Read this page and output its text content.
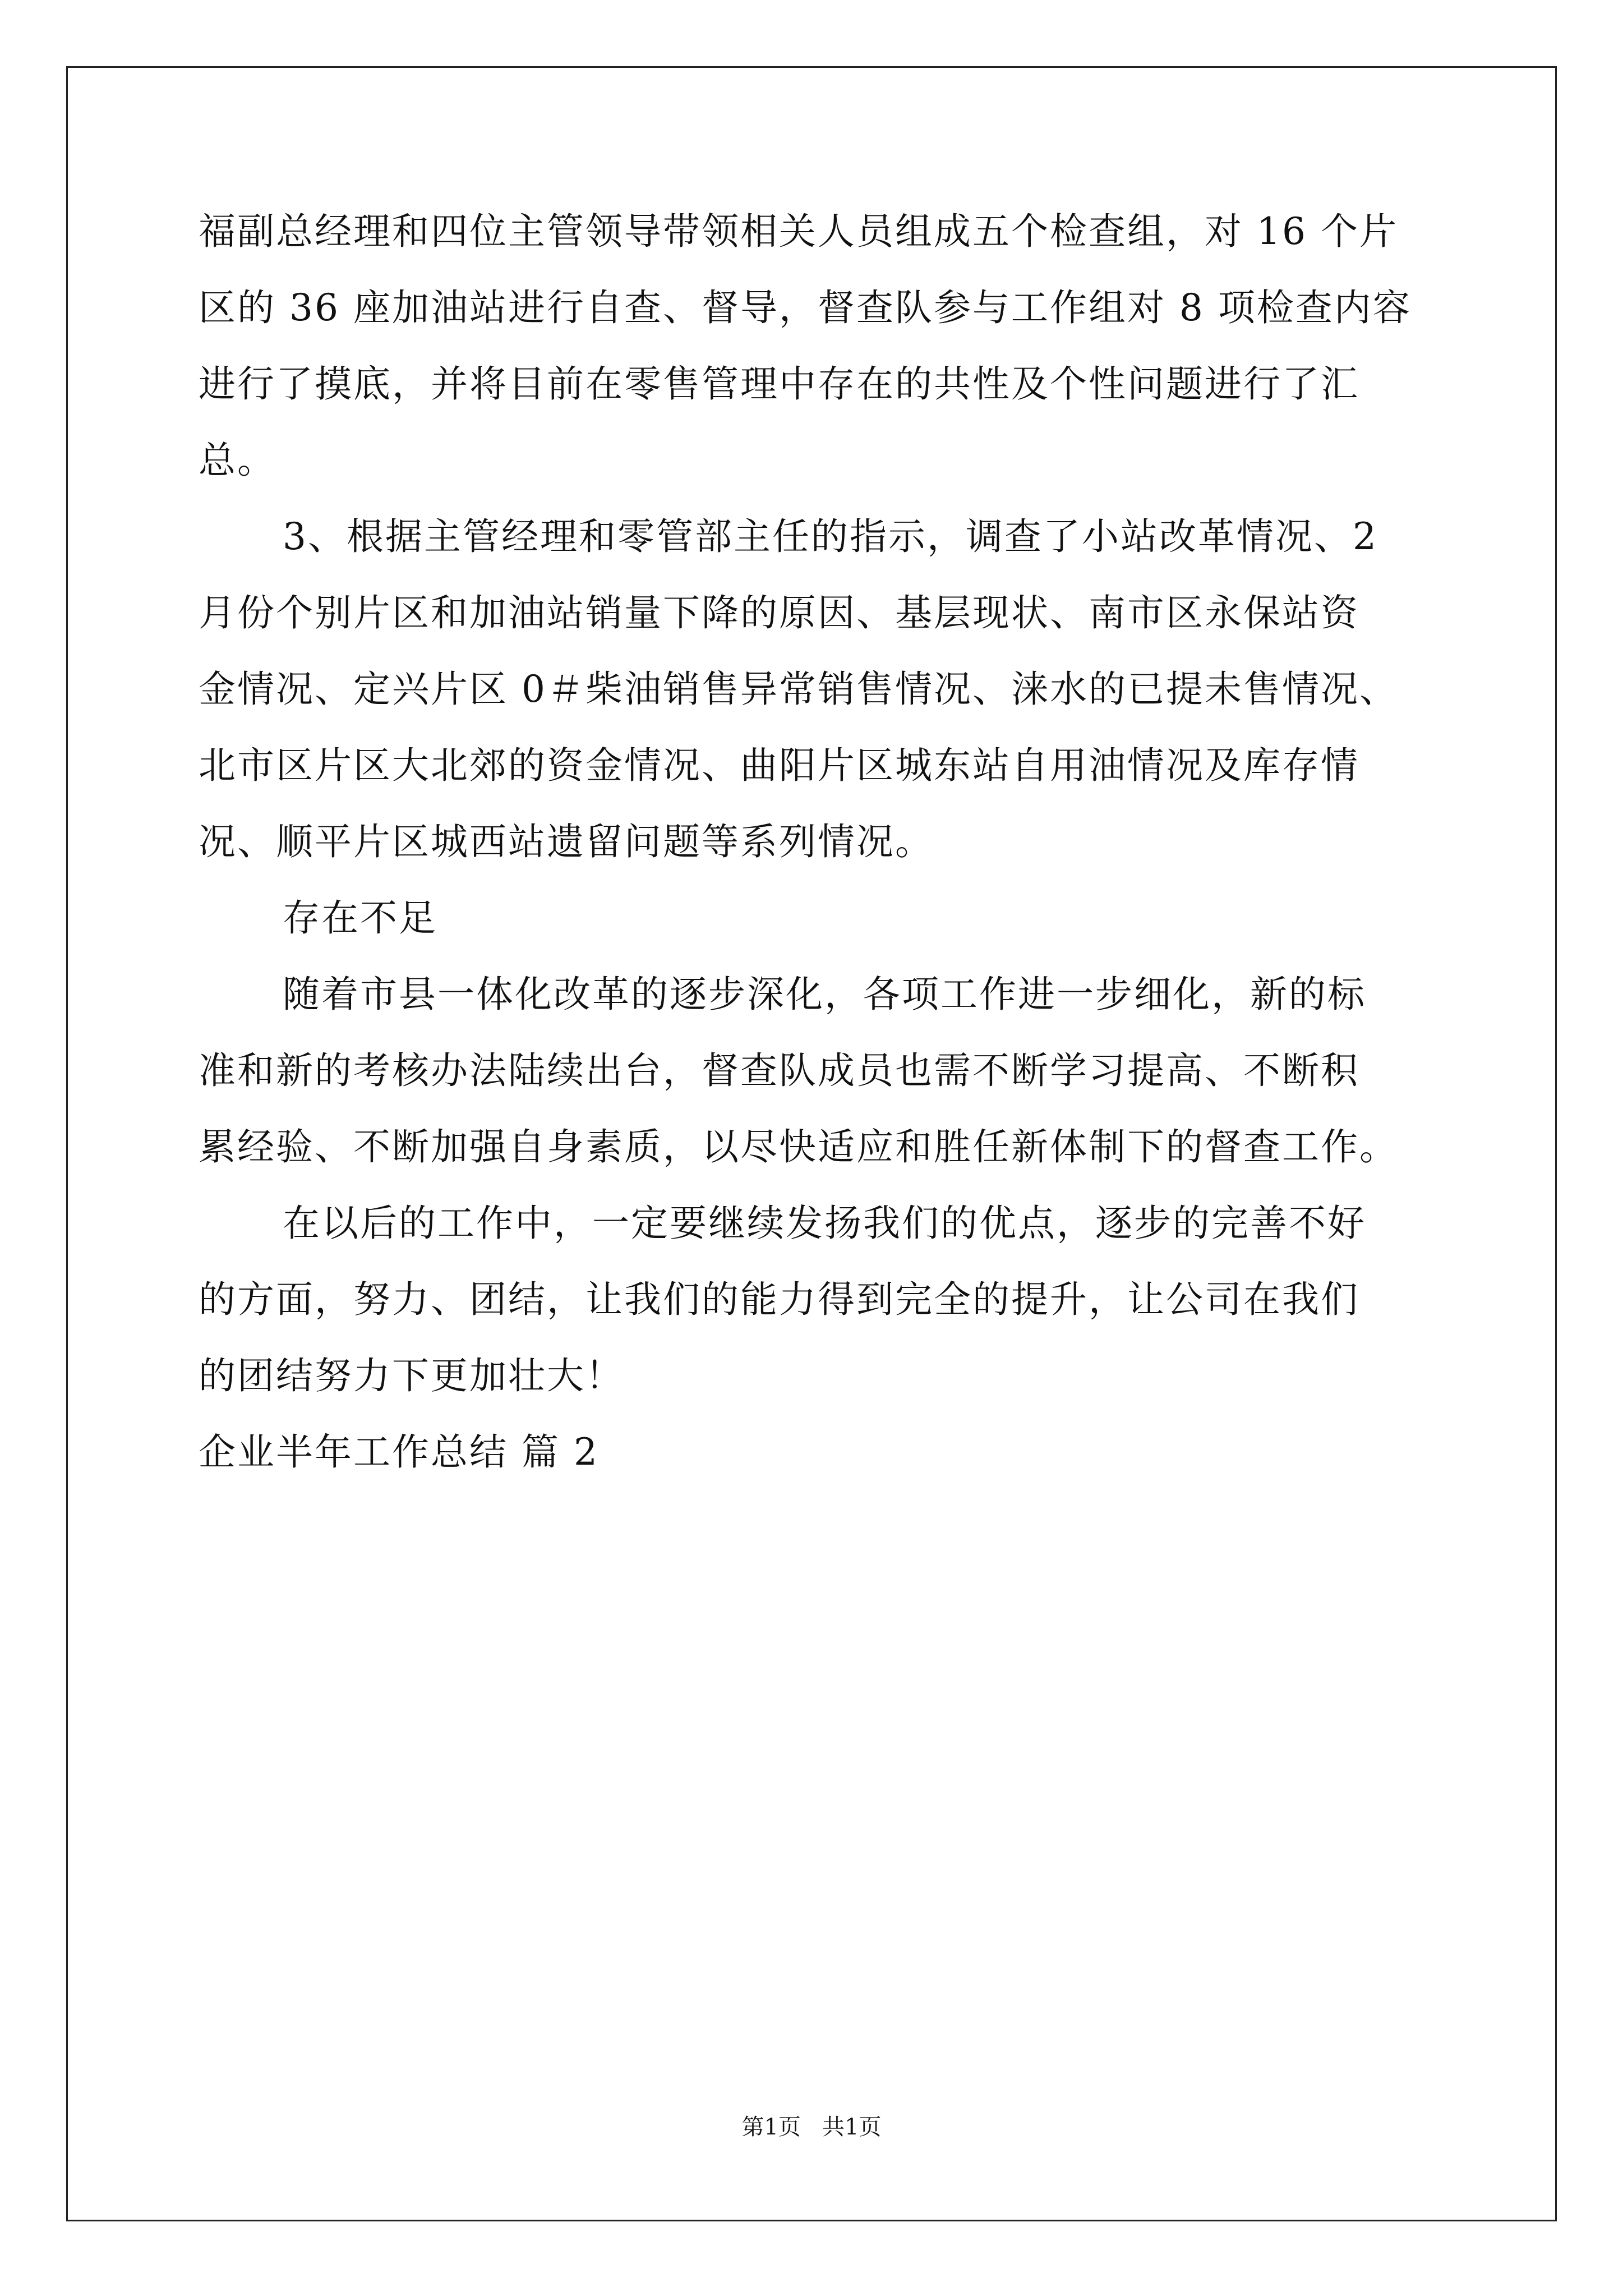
福副总经理和四位主管领导带领相关人员组成五个检查组，对 16 个片
区的 36 座加油站进行自查、督导，督查队参与工作组对 8 项检查内容
进行了摸底，并将目前在零售管理中存在的共性及个性问题进行了汇
总。
3、根据主管经理和零管部主任的指示，调查了小站改革情况、2
月份个别片区和加油站销量下降的原因、基层现状、南市区永保站资
金情况、定兴片区 0＃柴油销售异常销售情况、涞水的已提未售情况、
北市区片区大北郊的资金情况、曲阳片区城东站自用油情况及库存情
况、顺平片区城西站遗留问题等系列情况。
存在不足
随着市县一体化改革的逐步深化，各项工作进一步细化，新的标
准和新的考核办法陆续出台，督查队成员也需不断学习提高、不断积
累经验、不断加强自身素质，以尽快适应和胜任新体制下的督查工作。
在以后的工作中，一定要继续发扬我们的优点，逐步的完善不好
的方面，努力、团结，让我们的能力得到完全的提升，让公司在我们
的团结努力下更加壮大！
企业半年工作总结 篇 2
第1页   共1页
